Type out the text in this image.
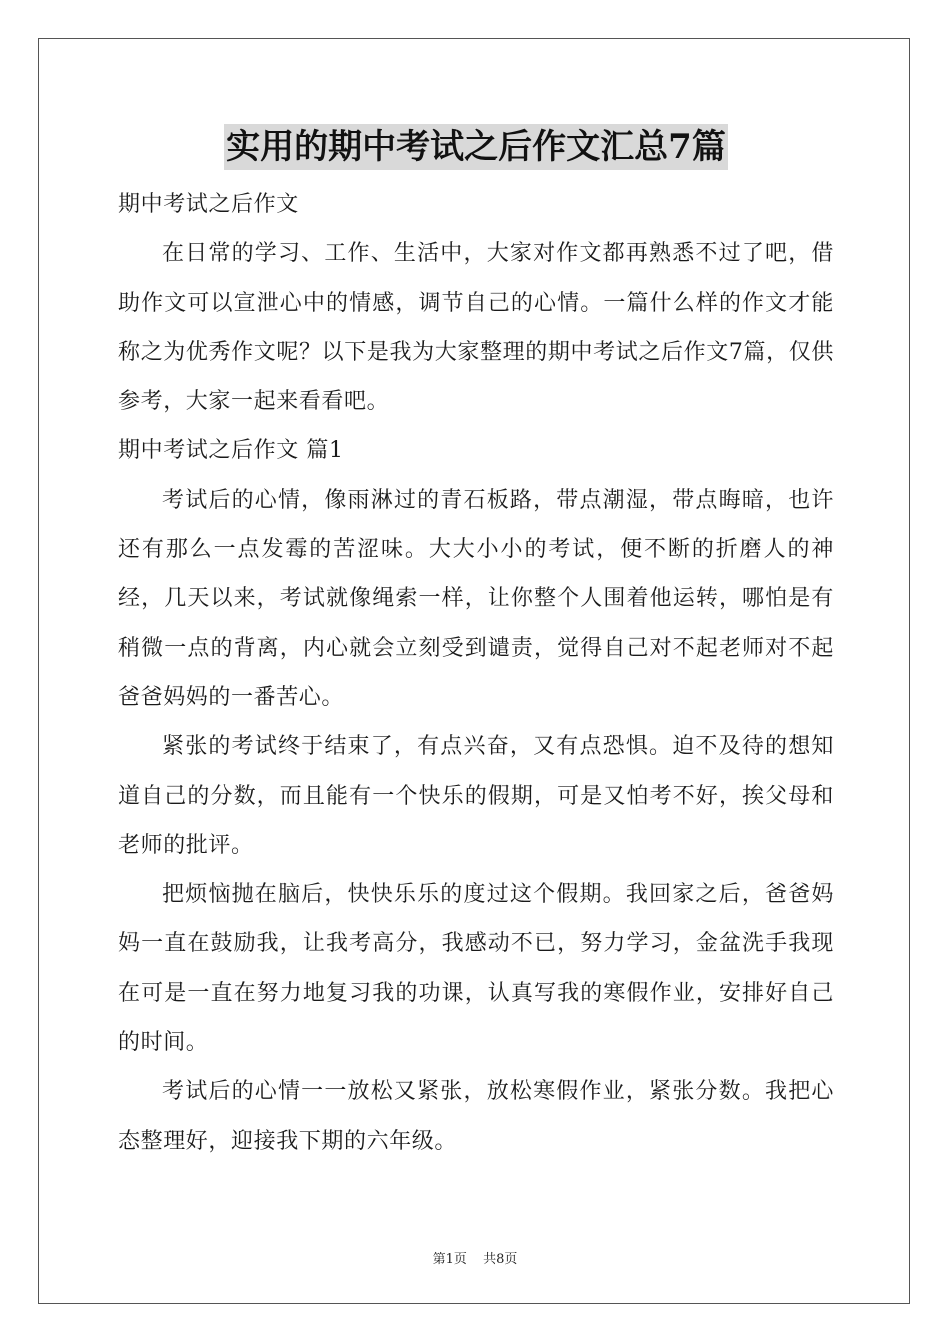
实用的期中考试之后作文汇总7篇

期中考试之后作文

在日常的学习、工作、生活中，大家对作文都再熟悉不过了吧，借助作文可以宣泄心中的情感，调节自己的心情。一篇什么样的作文才能称之为优秀作文呢？以下是我为大家整理的期中考试之后作文7篇，仅供参考，大家一起来看看吧。

期中考试之后作文 篇1

考试后的心情，像雨淋过的青石板路，带点潮湿，带点晦暗，也许还有那么一点发霉的苦涩味。大大小小的考试，便不断的折磨人的神经，几天以来，考试就像绳索一样，让你整个人围着他运转，哪怕是有稍微一点的背离，内心就会立刻受到谴责，觉得自己对不起老师对不起爸爸妈妈的一番苦心。

紧张的考试终于结束了，有点兴奋，又有点恐惧。迫不及待的想知道自己的分数，而且能有一个快乐的假期，可是又怕考不好，挨父母和老师的批评。

把烦恼抛在脑后，快快乐乐的度过这个假期。我回家之后，爸爸妈妈一直在鼓励我，让我考高分，我感动不已，努力学习，金盆洗手我现在可是一直在努力地复习我的功课，认真写我的寒假作业，安排好自己的时间。

考试后的心情一一放松又紧张，放松寒假作业，紧张分数。我把心态整理好，迎接我下期的六年级。

第1页 共8页
